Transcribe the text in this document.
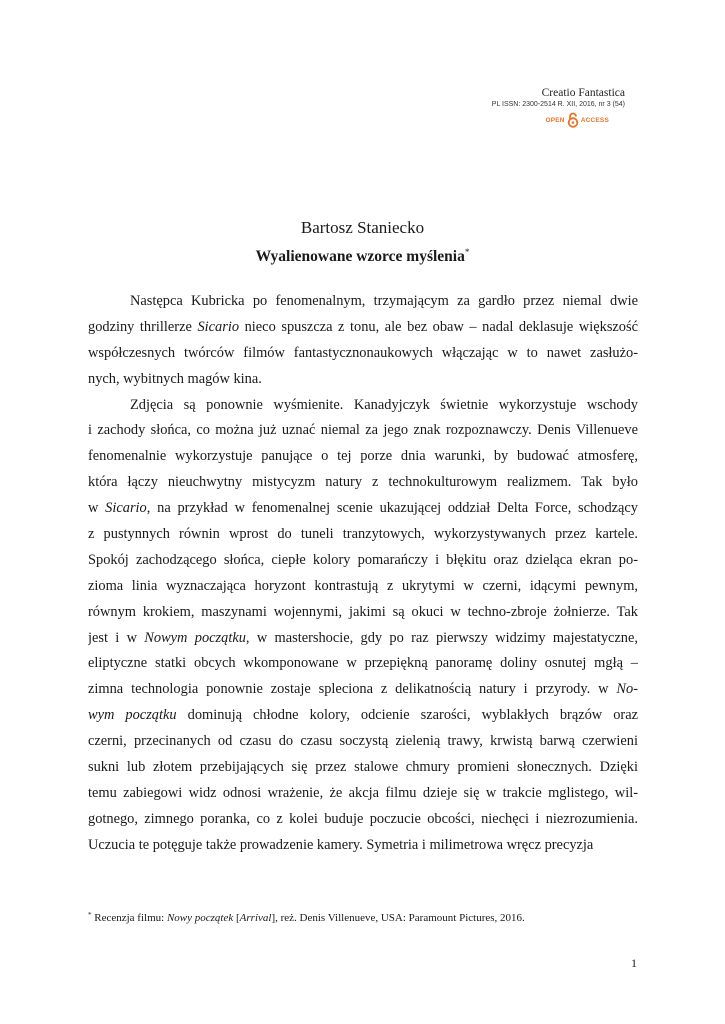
Creatio Fantastica
PL ISSN: 2300-2514 R. XII, 2016, nr 3 (54)
OPEN ACCESS
Bartosz Staniecko
Wyalienowane wzorce myślenia*
Następca Kubricka po fenomenalnym, trzymającym za gardło przez niemal dwie
godziny thrillerze Sicario nieco spuszcza z tonu, ale bez obaw – nadal deklasuje większość
współczesnych twórców filmów fantastycznonaukowych włączając w to nawet zasłużo-
nych, wybitnych magów kina.
Zdjęcia są ponownie wyśmienite. Kanadyjczyk świetnie wykorzystuje wschody
i zachody słońca, co można już uznać niemal za jego znak rozpoznawczy. Denis Villenueve
fenomenalnie wykorzystuje panujące o tej porze dnia warunki, by budować atmosferę,
która łączy nieuchwytny mistycyzm natury z technokulturowym realizmem. Tak było
w Sicario, na przykład w fenomenalnej scenie ukazującej oddział Delta Force, schodzący
z pustynnych równin wprost do tuneli tranzytowych, wykorzystywanych przez kartele.
Spokój zachodzącego słońca, ciepłe kolory pomarańczy i błękitu oraz dzieląca ekran po-
zioma linia wyznaczająca horyzont kontrastują z ukrytymi w czerni, idącymi pewnym,
równym krokiem, maszynami wojennymi, jakimi są okuci w techno-zbroje żołnierze. Tak
jest i w Nowym początku, w mastershocie, gdy po raz pierwszy widzimy majestatyczne,
eliptyczne statki obcych wkomponowane w przepiękną panoramę doliny osnutej mgłą –
zimna technologia ponownie zostaje spleciona z delikatnością natury i przyrody. w No-
wym początku dominują chłodne kolory, odcienie szarości, wyblakłych brązów oraz
czerni, przecinanych od czasu do czasu soczystą zielenią trawy, krwistą barwą czerwieni
sukni lub złotem przebijających się przez stalowe chmury promieni słonecznych. Dzięki
temu zabiegowi widz odnosi wrażenie, że akcja filmu dzieje się w trakcie mglistego, wil-
gotnego, zimnego poranka, co z kolei buduje poczucie obcości, niechęci i niezrozumienia.
Uczucia te potęguje także prowadzenie kamery. Symetria i milimetrowa wręcz precyzja
* Recenzja filmu: Nowy początek [Arrival], reż. Denis Villenueve, USA: Paramount Pictures, 2016.
1
